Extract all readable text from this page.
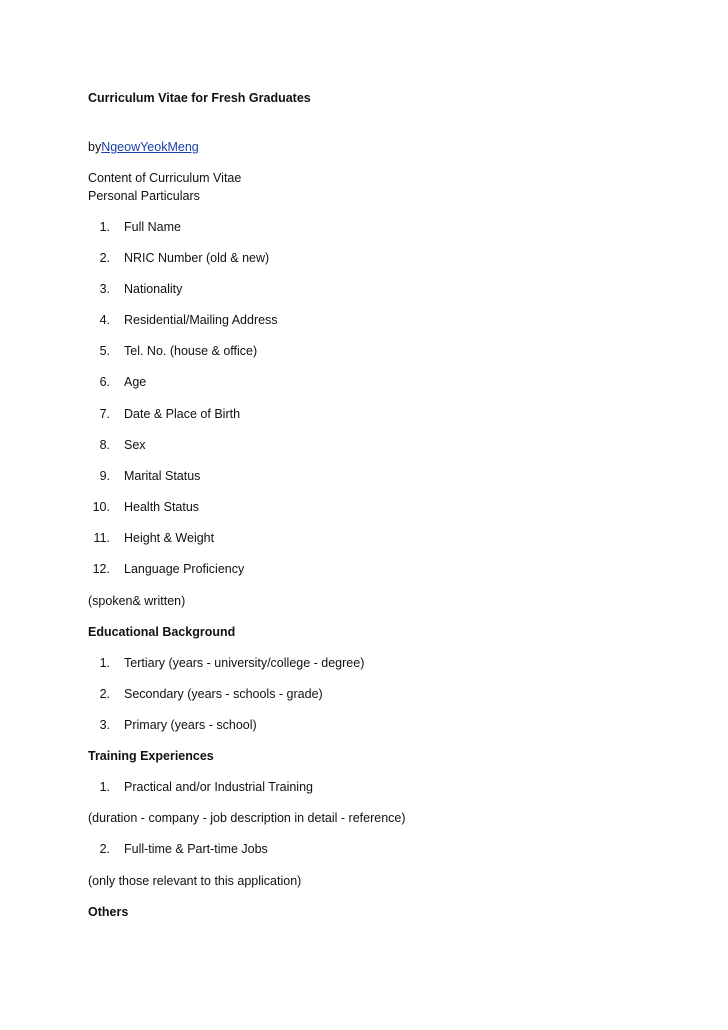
Curriculum Vitae for Fresh Graduates
byNgeowYeokMeng
Content of Curriculum Vitae
Personal Particulars
1. Full Name
2. NRIC Number (old & new)
3. Nationality
4. Residential/Mailing Address
5. Tel. No. (house & office)
6. Age
7. Date & Place of Birth
8. Sex
9. Marital Status
10. Health Status
11. Height & Weight
12. Language Proficiency
(spoken& written)
Educational Background
1. Tertiary (years - university/college - degree)
2. Secondary (years - schools - grade)
3. Primary (years - school)
Training Experiences
1. Practical and/or Industrial Training
(duration - company - job description in detail - reference)
2. Full-time & Part-time Jobs
(only those relevant to this application)
Others
